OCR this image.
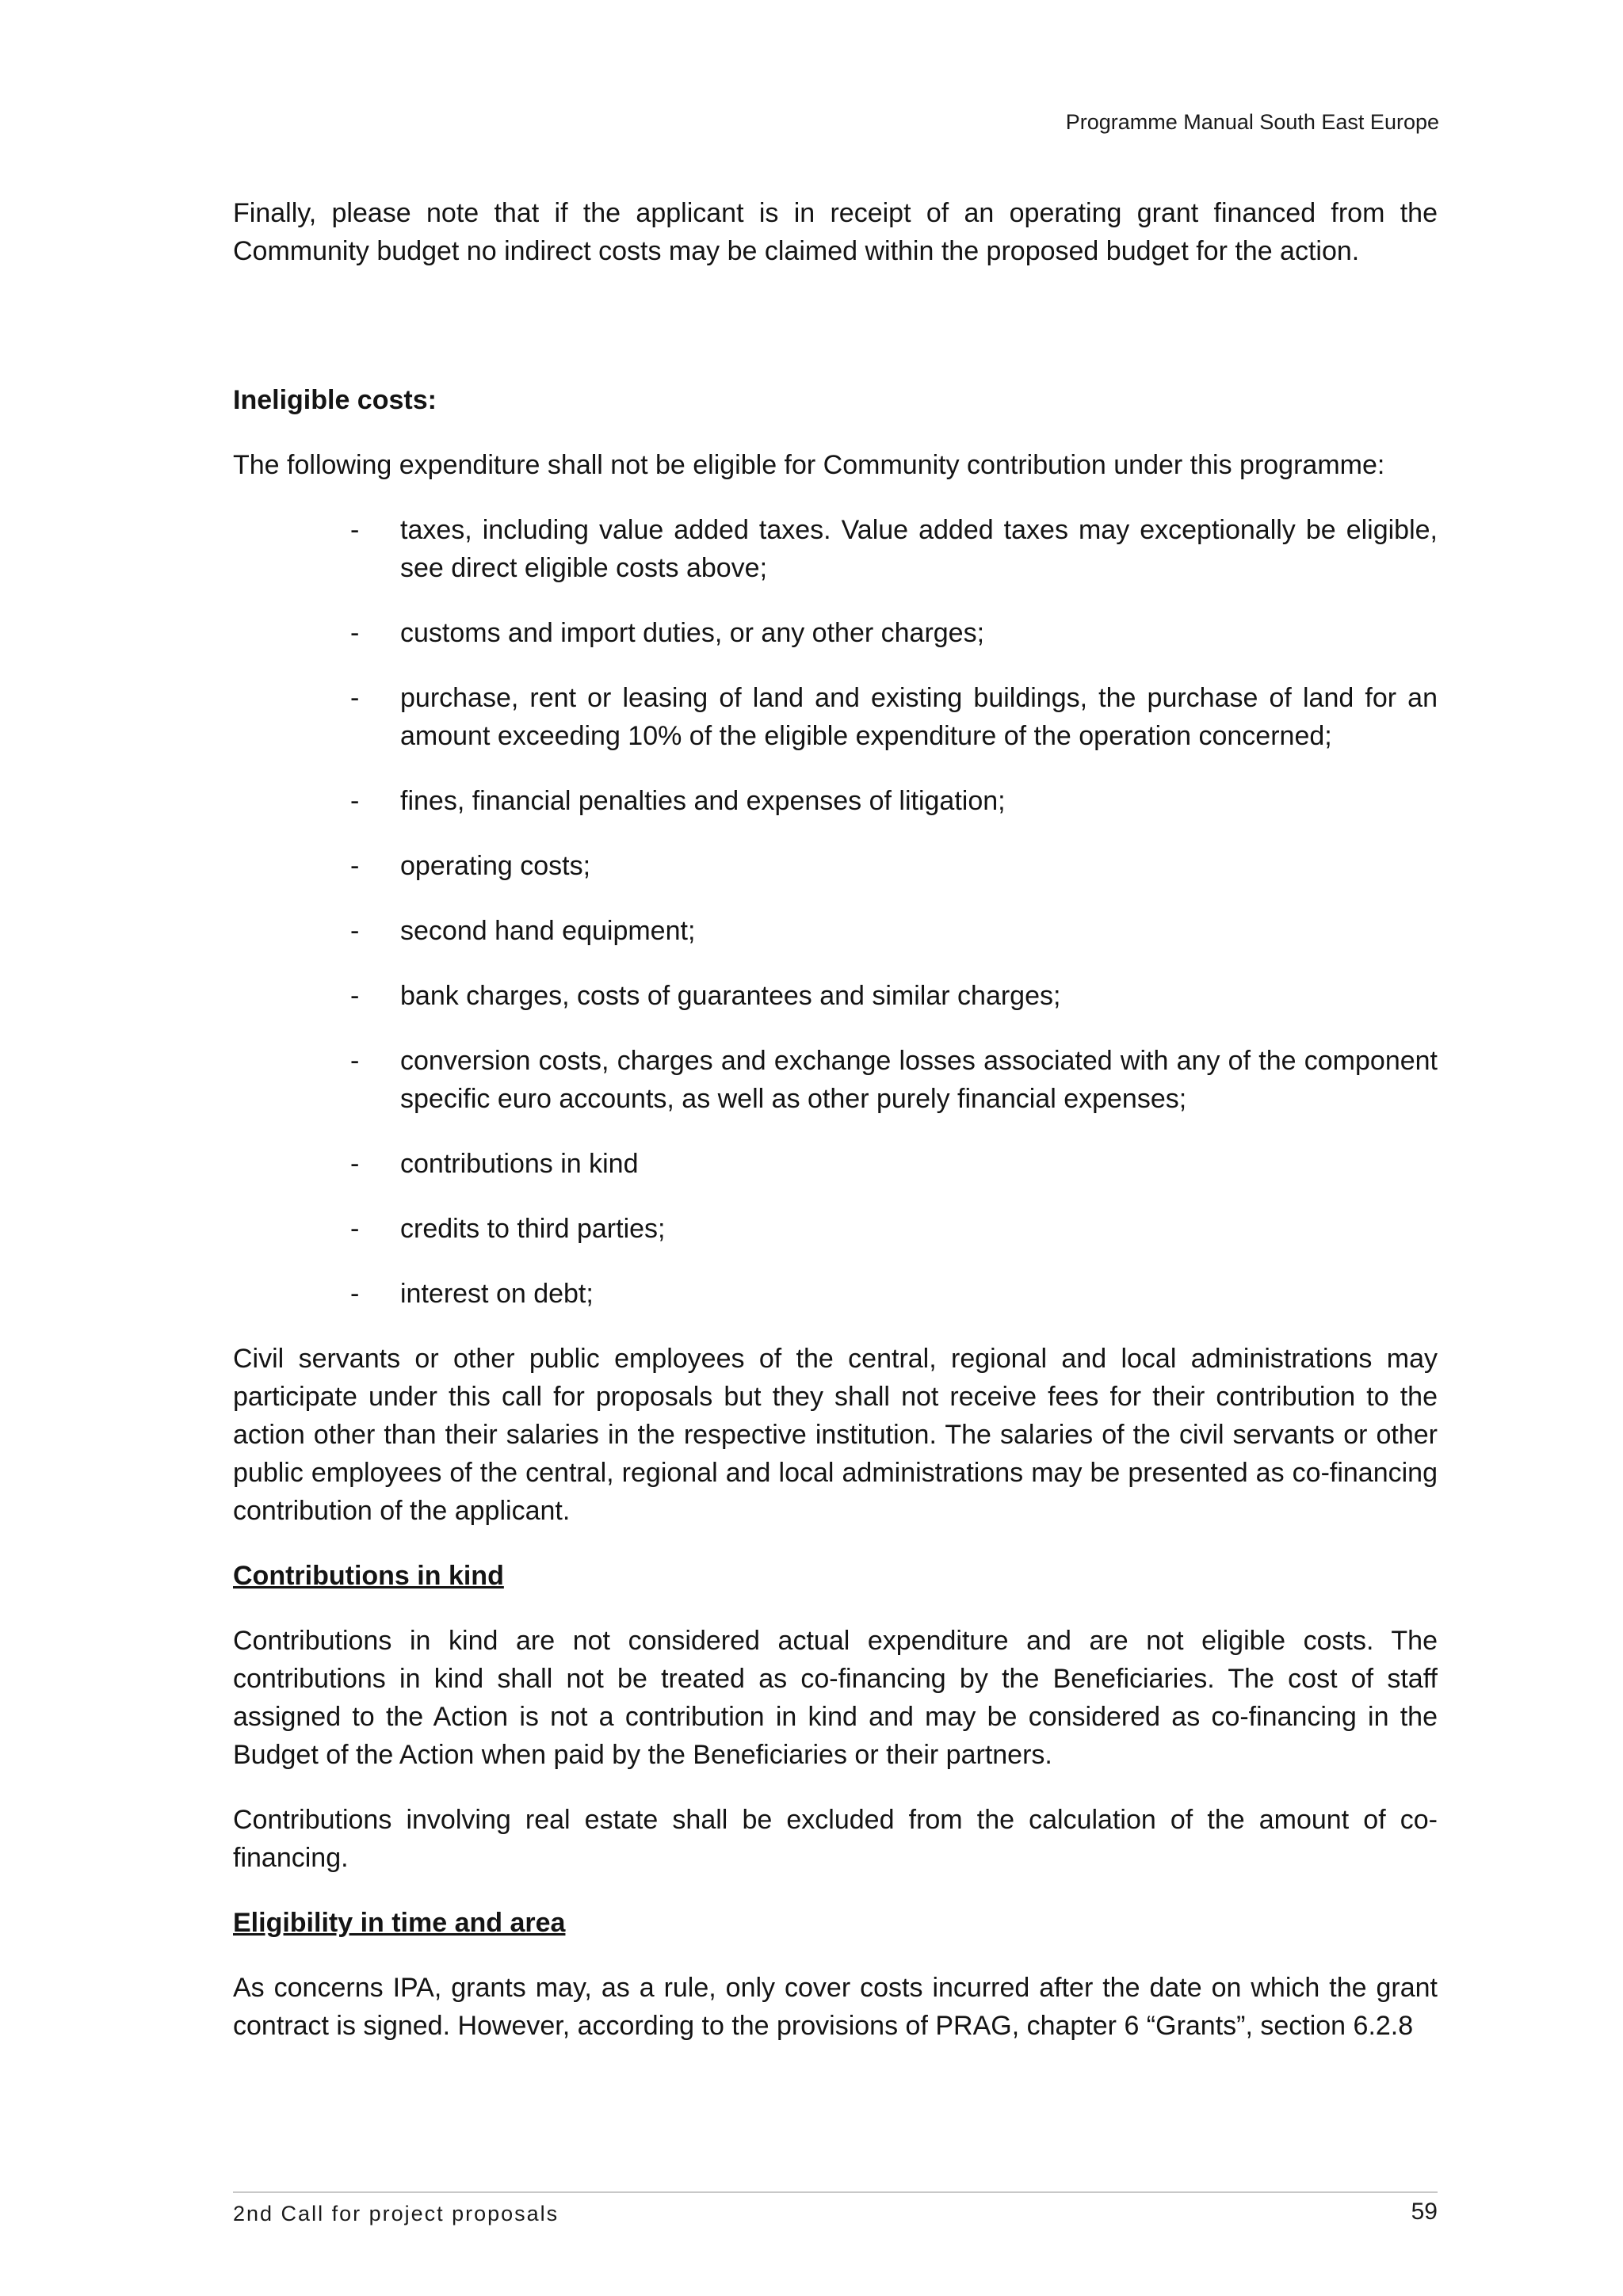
Programme Manual South East Europe

Finally, please note that if the applicant is in receipt of an operating grant financed from the Community budget no indirect costs may be claimed within the proposed budget for the action.

Ineligible costs:

The following expenditure shall not be eligible for Community contribution under this programme:

- taxes, including value added taxes. Value added taxes may exceptionally be eligible, see direct eligible costs above;
- customs and import duties, or any other charges;
- purchase, rent or leasing of land and existing buildings, the purchase of land for an amount exceeding 10% of the eligible expenditure of the operation concerned;
- fines, financial penalties and expenses of litigation;
- operating costs;
- second hand equipment;
- bank charges, costs of guarantees and similar charges;
- conversion costs, charges and exchange losses associated with any of the component specific euro accounts, as well as other purely financial expenses;
- contributions in kind
- credits to third parties;
- interest on debt;

Civil servants or other public employees of the central, regional and local administrations may participate under this call for proposals but they shall not receive fees for their contribution to the action other than their salaries in the respective institution. The salaries of the civil servants or other public employees of the central, regional and local administrations may be presented as co-financing contribution of the applicant.

Contributions in kind

Contributions in kind are not considered actual expenditure and are not eligible costs. The contributions in kind shall not be treated as co-financing by the Beneficiaries. The cost of staff assigned to the Action is not a contribution in kind and may be considered as co-financing in the Budget of the Action when paid by the Beneficiaries or their partners.

Contributions involving real estate shall be excluded from the calculation of the amount of co-financing.

Eligibility in time and area

As concerns IPA, grants may, as a rule, only cover costs incurred after the date on which the grant contract is signed. However, according to the provisions of PRAG, chapter 6 “Grants”, section 6.2.8

2nd Call for project proposals	59
